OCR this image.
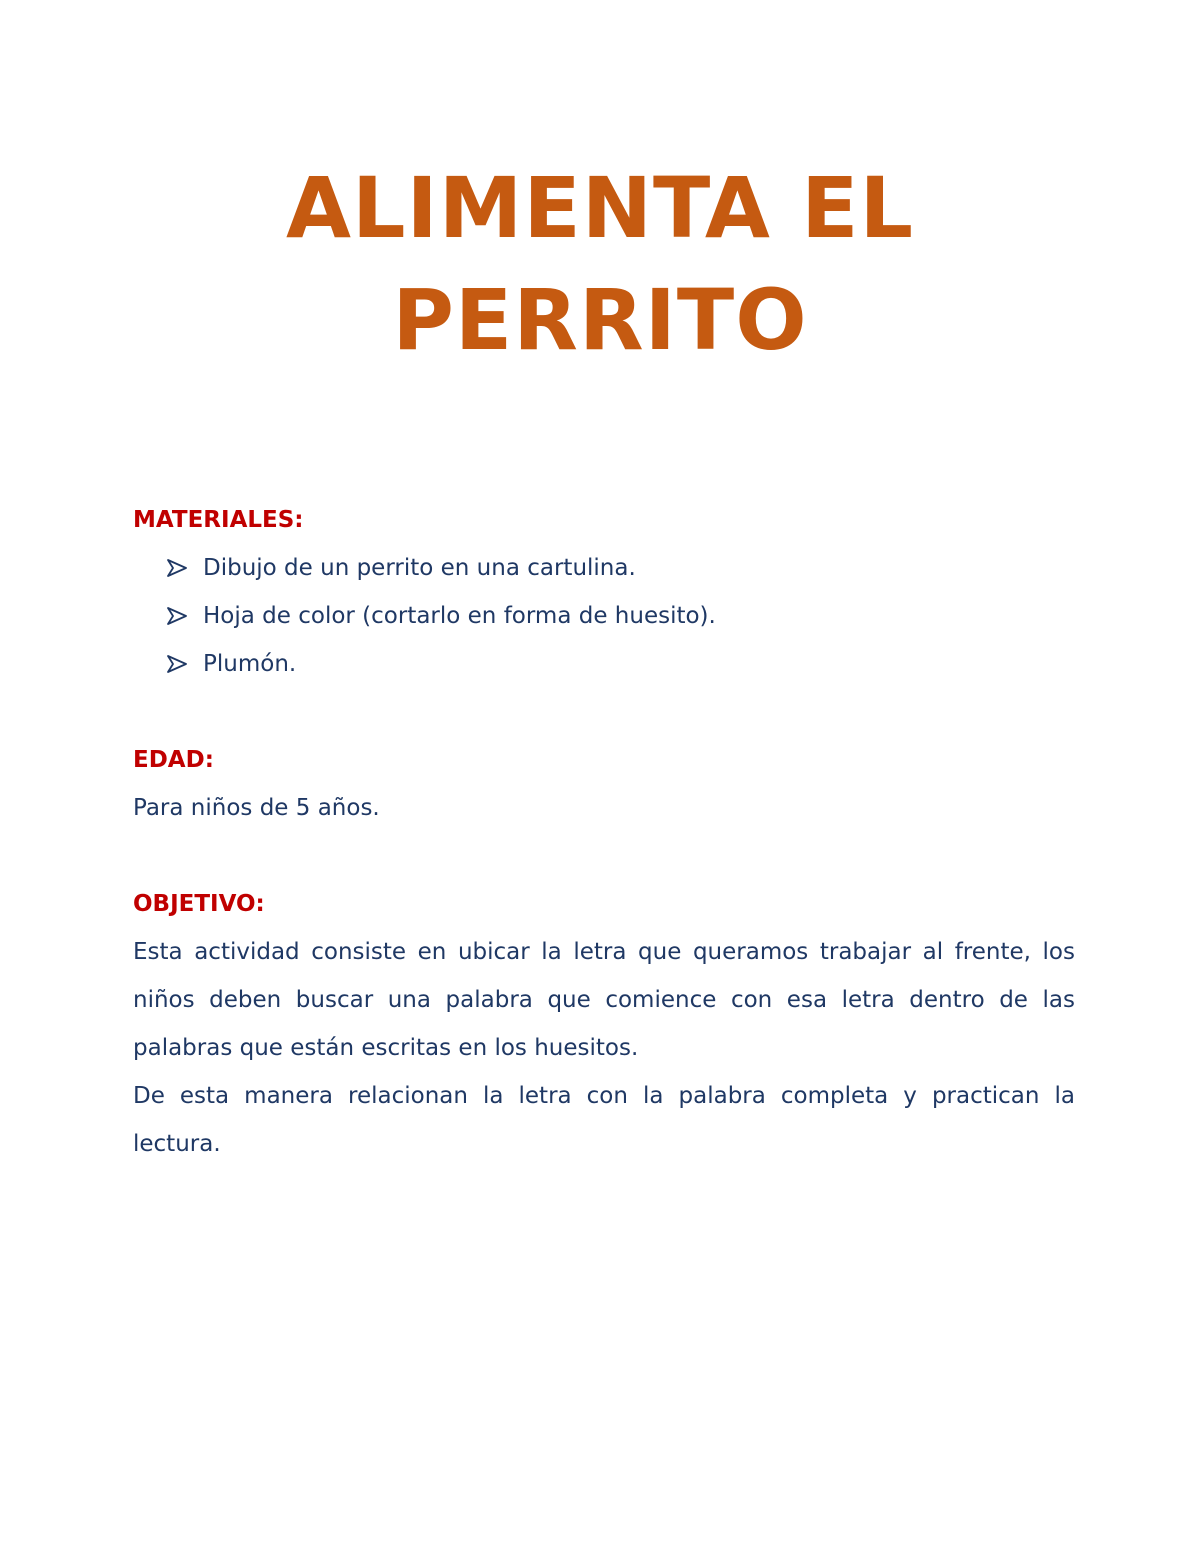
ALIMENTA EL
PERRITO

MATERIALES:

Dibujo de un perrito en una cartulina.
Hoja de color (cortarlo en forma de huesito).
Plumón.

EDAD:

Para niños de 5 años.

OBJETIVO:

Esta actividad consiste en ubicar la letra que queramos trabajar al frente, los niños deben buscar una palabra que comience con esa letra dentro de las palabras que están escritas en los huesitos.

De esta manera relacionan la letra con la palabra completa y practican la lectura.
